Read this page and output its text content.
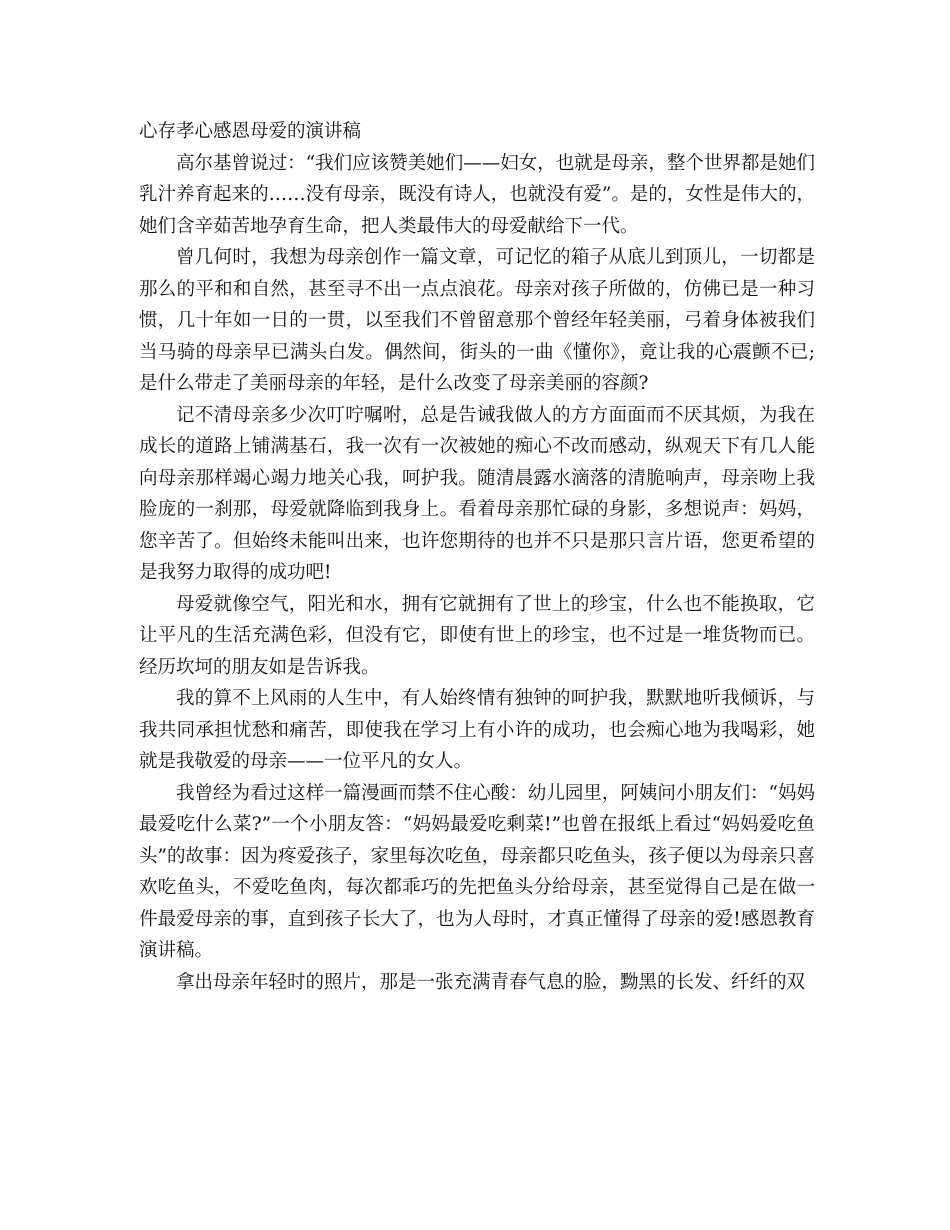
心存孝心感恩母爱的演讲稿

高尔基曾说过：“我们应该赞美她们——妇女，也就是母亲，整个世界都是她们乳汁养育起来的……没有母亲，既没有诗人，也就没有爱”。是的，女性是伟大的，她们含辛茹苦地孕育生命，把人类最伟大的母爱献给下一代。

曾几何时，我想为母亲创作一篇文章，可记忆的箱子从底儿到顶儿，一切都是那么的平和和自然，甚至寻不出一点点浪花。母亲对孩子所做的，仿佛已是一种习惯，几十年如一日的一贯，以至我们不曾留意那个曾经年轻美丽，弓着身体被我们当马骑的母亲早已满头白发。偶然间，街头的一曲《懂你》，竟让我的心震颤不已;是什么带走了美丽母亲的年轻，是什么改变了母亲美丽的容颜?

记不清母亲多少次叮咛嘱咐，总是告诫我做人的方方面面而不厌其烦，为我在成长的道路上铺满基石，我一次有一次被她的痴心不改而感动，纵观天下有几人能向母亲那样竭心竭力地关心我，呵护我。随清晨露水滴落的清脆响声，母亲吻上我脸庞的一刹那，母爱就降临到我身上。看着母亲那忙碌的身影，多想说声：妈妈，您辛苦了。但始终未能叫出来，也许您期待的也并不只是那只言片语，您更希望的是我努力取得的成功吧!

母爱就像空气，阳光和水，拥有它就拥有了世上的珍宝，什么也不能换取，它让平凡的生活充满色彩，但没有它，即使有世上的珍宝，也不过是一堆货物而已。经历坎坷的朋友如是告诉我。

我的算不上风雨的人生中，有人始终情有独钟的呵护我，默默地听我倾诉，与我共同承担忧愁和痛苦，即使我在学习上有小许的成功，也会痴心地为我喝彩，她就是我敬爱的母亲——一位平凡的女人。

我曾经为看过这样一篇漫画而禁不住心酸：幼儿园里，阿姨问小朋友们：“妈妈最爱吃什么菜?”一个小朋友答：“妈妈最爱吃剩菜!”也曾在报纸上看过“妈妈爱吃鱼头”的故事：因为疼爱孩子，家里每次吃鱼，母亲都只吃鱼头，孩子便以为母亲只喜欢吃鱼头，不爱吃鱼肉，每次都乖巧的先把鱼头分给母亲，甚至觉得自己是在做一件最爱母亲的事，直到孩子长大了，也为人母时，才真正懂得了母亲的爱!感恩教育演讲稿。

拿出母亲年轻时的照片，那是一张充满青春气息的脸，黝黑的长发、纤纤的双
